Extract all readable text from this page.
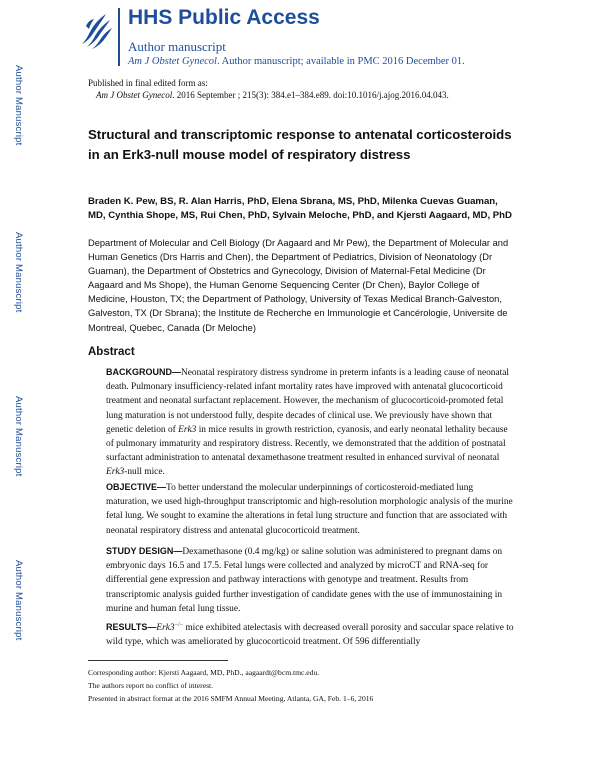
Author Manuscript
Author Manuscript
Author Manuscript
Author Manuscript
HHS Public Access
Author manuscript
Am J Obstet Gynecol. Author manuscript; available in PMC 2016 December 01.
Published in final edited form as:
Am J Obstet Gynecol. 2016 September ; 215(3): 384.e1–384.e89. doi:10.1016/j.ajog.2016.04.043.
Structural and transcriptomic response to antenatal corticosteroids in an Erk3-null mouse model of respiratory distress
Braden K. Pew, BS, R. Alan Harris, PhD, Elena Sbrana, MS, PhD, Milenka Cuevas Guaman, MD, Cynthia Shope, MS, Rui Chen, PhD, Sylvain Meloche, PhD, and Kjersti Aagaard, MD, PhD
Department of Molecular and Cell Biology (Dr Aagaard and Mr Pew), the Department of Molecular and Human Genetics (Drs Harris and Chen), the Department of Pediatrics, Division of Neonatology (Dr Guaman), the Department of Obstetrics and Gynecology, Division of Maternal-Fetal Medicine (Dr Aagaard and Ms Shope), the Human Genome Sequencing Center (Dr Chen), Baylor College of Medicine, Houston, TX; the Department of Pathology, University of Texas Medical Branch-Galveston, Galveston, TX (Dr Sbrana); the Institute de Recherche en Immunologie et Cancérologie, Universite de Montreal, Quebec, Canada (Dr Meloche)
Abstract
BACKGROUND—Neonatal respiratory distress syndrome in preterm infants is a leading cause of neonatal death. Pulmonary insufficiency-related infant mortality rates have improved with antenatal glucocorticoid treatment and neonatal surfactant replacement. However, the mechanism of glucocorticoid-promoted fetal lung maturation is not understood fully, despite decades of clinical use. We previously have shown that genetic deletion of Erk3 in mice results in growth restriction, cyanosis, and early neonatal lethality because of pulmonary immaturity and respiratory distress. Recently, we demonstrated that the addition of postnatal surfactant administration to antenatal dexamethasone treatment resulted in enhanced survival of neonatal Erk3-null mice.
OBJECTIVE—To better understand the molecular underpinnings of corticosteroid-mediated lung maturation, we used high-throughput transcriptomic and high-resolution morphologic analysis of the murine fetal lung. We sought to examine the alterations in fetal lung structure and function that are associated with neonatal respiratory distress and antenatal glucocorticoid treatment.
STUDY DESIGN—Dexamethasone (0.4 mg/kg) or saline solution was administered to pregnant dams on embryonic days 16.5 and 17.5. Fetal lungs were collected and analyzed by microCT and RNA-seq for differential gene expression and pathway interactions with genotype and treatment. Results from transcriptomic analysis guided further investigation of candidate genes with the use of immunostaining in murine and human fetal lung tissue.
RESULTS—Erk3−/− mice exhibited atelectasis with decreased overall porosity and saccular space relative to wild type, which was ameliorated by glucocorticoid treatment. Of 596 differentially
Corresponding author: Kjersti Aagaard, MD, PhD., aagaardt@bcm.tmc.edu.
The authors report no conflict of interest.
Presented in abstract format at the 2016 SMFM Annual Meeting, Atlanta, GA, Feb. 1–6, 2016
